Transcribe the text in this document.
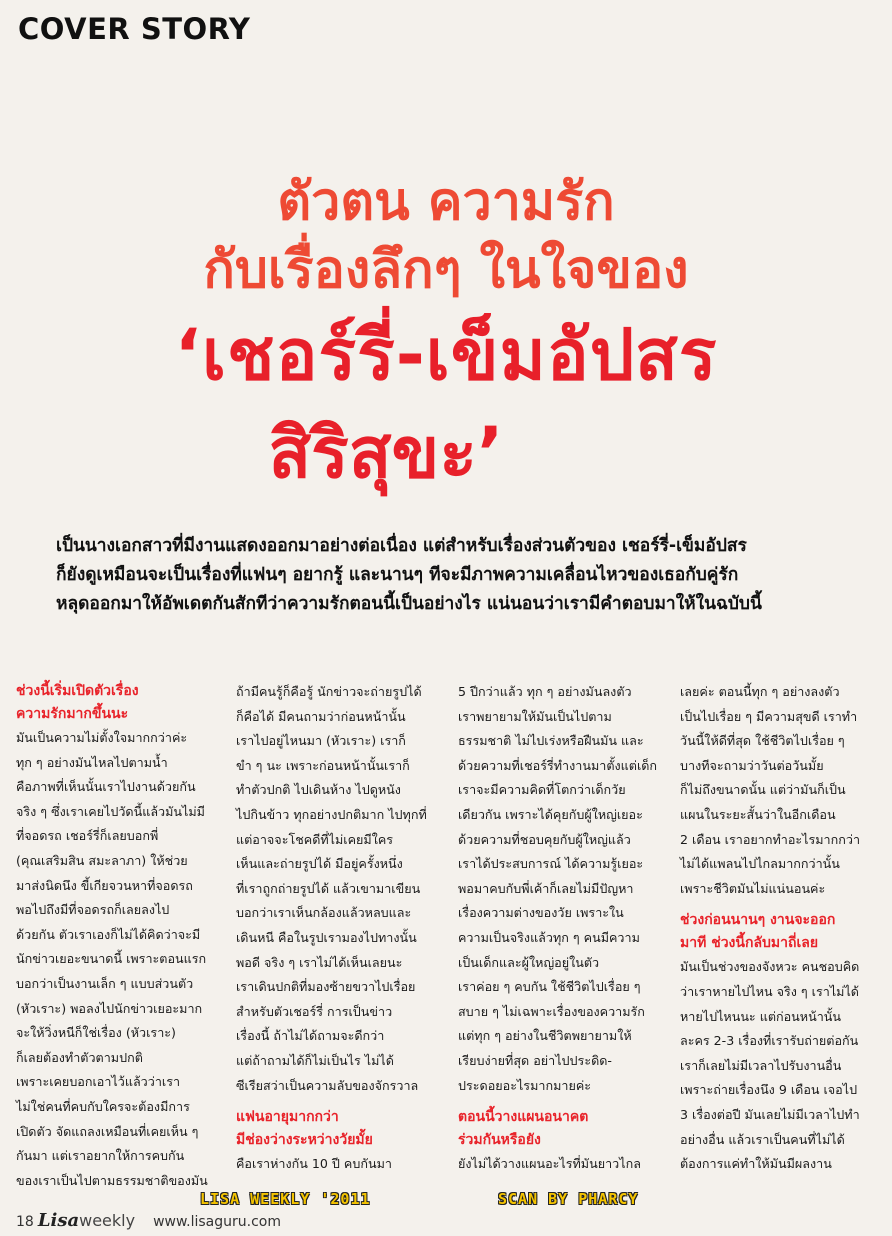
COVER STORY
ตัวตน ความรัก
กับเรื่องลึกๆ ในใจของ
‘เชอร์รี่-เข็มอัปสร
สิริสุขะ’
เป็นนางเอกสาวที่มีงานแสดงออกมาอย่างต่อเนื่อง แต่สำหรับเรื่องส่วนตัวของ เชอร์รี่-เข็มอัปสร
ก็ยังดูเหมือนจะเป็นเรื่องที่แฟนๆ อยากรู้ และนานๆ ทีจะมีภาพความเคลื่อนไหวของเธอกับคู่รัก
หลุดออกมาให้อัพเดตกันสักทีว่าความรักตอนนี้เป็นอย่างไร แน่นอนว่าเรามีคำตอบมาให้ในฉบับนี้
ช่วงนี้เริ่มเปิดตัวเรื่อง
ความรักมากขึ้นนะ
มันเป็นความไม่ตั้งใจมากกว่าค่ะ
ทุก ๆ อย่างมันไหลไปตามน้ำ
คือภาพที่เห็นนั้นเราไปงานด้วยกัน
จริง ๆ ซึ่งเราเคยไปวัดนี้แล้วมันไม่มี
ที่จอดรถ เชอร์รี่ก็เลยบอกพี่
(คุณเสริมสิน สมะลาภา) ให้ช่วย
มาส่งนิดนึง ขี้เกียจวนหาที่จอดรถ
พอไปถึงมีที่จอดรถก็เลยลงไป
ด้วยกัน ตัวเราเองก็ไม่ได้คิดว่าจะมี
นักข่าวเยอะขนาดนี้ เพราะตอนแรก
บอกว่าเป็นงานเล็ก ๆ แบบส่วนตัว
(หัวเราะ) พอลงไปนักข่าวเยอะมาก
จะให้วิ่งหนีก็ใช่เรื่อง (หัวเราะ)
ก็เลยต้องทำตัวตามปกติ
เพราะเคยบอกเอาไว้แล้วว่าเรา
ไม่ใช่คนที่คบกับใครจะต้องมีการ
เปิดตัว จัดแถลงเหมือนที่เคยเห็น ๆ
กันมา แต่เราอยากให้การคบกัน
ของเราเป็นไปตามธรรมชาติของมัน
ถ้ามีคนรู้ก็คือรู้ นักข่าวจะถ่ายรูปได้
ก็คือได้ มีคนถามว่าก่อนหน้านั้น
เราไปอยู่ไหนมา (หัวเราะ) เราก็
ขำ ๆ นะ เพราะก่อนหน้านั้นเราก็
ทำตัวปกติ ไปเดินห้าง ไปดูหนัง
ไปกินข้าว ทุกอย่างปกติมาก ไปทุกที่
แต่อาจจะโชคดีที่ไม่เคยมีใคร
เห็นและถ่ายรูปได้ มีอยู่ครั้งหนึ่ง
ที่เราถูกถ่ายรูปได้ แล้วเขามาเขียน
บอกว่าเราเห็นกล้องแล้วหลบและ
เดินหนี คือในรูปเรามองไปทางนั้น
พอดี จริง ๆ เราไม่ได้เห็นเลยนะ
เราเดินปกติที่มองซ้ายขวาไปเรื่อย
สำหรับตัวเชอร์รี่ การเป็นข่าว
เรื่องนี้ ถ้าไม่ได้ถามจะดีกว่า
แต่ถ้าถามได้ก็ไม่เป็นไร ไม่ได้
ซีเรียสว่าเป็นความลับของจักรวาล
แฟนอายุมากกว่า
มีช่องว่างระหว่างวัยมั้ย
คือเราห่างกัน 10 ปี คบกันมา
5 ปีกว่าแล้ว ทุก ๆ อย่างมันลงตัว
เราพยายามให้มันเป็นไปตาม
ธรรมชาติ ไม่ไปเร่งหรือฝืนมัน และ
ด้วยความที่เชอร์รี่ทำงานมาตั้งแต่เด็ก
เราจะมีความคิดที่โตกว่าเด็กวัย
เดียวกัน เพราะได้คุยกับผู้ใหญ่เยอะ
ด้วยความที่ชอบคุยกับผู้ใหญ่แล้ว
เราได้ประสบการณ์ ได้ความรู้เยอะ
พอมาคบกับพี่เค้าก็เลยไม่มีปัญหา
เรื่องความต่างของวัย เพราะใน
ความเป็นจริงแล้วทุก ๆ คนมีความ
เป็นเด็กและผู้ใหญ่อยู่ในตัว
เราค่อย ๆ คบกัน ใช้ชีวิตไปเรื่อย ๆ
สบาย ๆ ไม่เฉพาะเรื่องของความรัก
แต่ทุก ๆ อย่างในชีวิตพยายามให้
เรียบง่ายที่สุด อย่าไปประดิด-
ประดอยอะไรมากมายค่ะ
ตอนนี้วางแผนอนาคต
ร่วมกันหรือยัง
ยังไม่ได้วางแผนอะไรที่มันยาวไกล
เลยค่ะ ตอนนี้ทุก ๆ อย่างลงตัว
เป็นไปเรื่อย ๆ มีความสุขดี เราทำ
วันนี้ให้ดีที่สุด ใช้ชีวิตไปเรื่อย ๆ
บางทีจะถามว่าวันต่อวันมั้ย
ก็ไม่ถึงขนาดนั้น แต่ว่ามันก็เป็น
แผนในระยะสั้นว่าในอีกเดือน
2 เดือน เราอยากทำอะไรมากกว่า
ไม่ได้แพลนไปไกลมากกว่านั้น
เพราะชีวิตมันไม่แน่นอนค่ะ
ช่วงก่อนนานๆ งานจะออก
มาที ช่วงนี้กลับมาถี่เลย
มันเป็นช่วงของจังหวะ คนชอบคิด
ว่าเราหายไปไหน จริง ๆ เราไม่ได้
หายไปไหนนะ แต่ก่อนหน้านั้น
ละคร 2-3 เรื่องที่เรารับถ่ายต่อกัน
เราก็เลยไม่มีเวลาไปรับงานอื่น
เพราะถ่ายเรื่องนึง 9 เดือน เจอไป
3 เรื่องต่อปี มันเลยไม่มีเวลาไปทำ
อย่างอื่น แล้วเราเป็นคนที่ไม่ได้
ต้องการแค่ทำให้มันมีผลงาน
LISA WEEKLY '2011	SCAN BY PHARCY
18 Lisa weekly www.lisaguru.com
